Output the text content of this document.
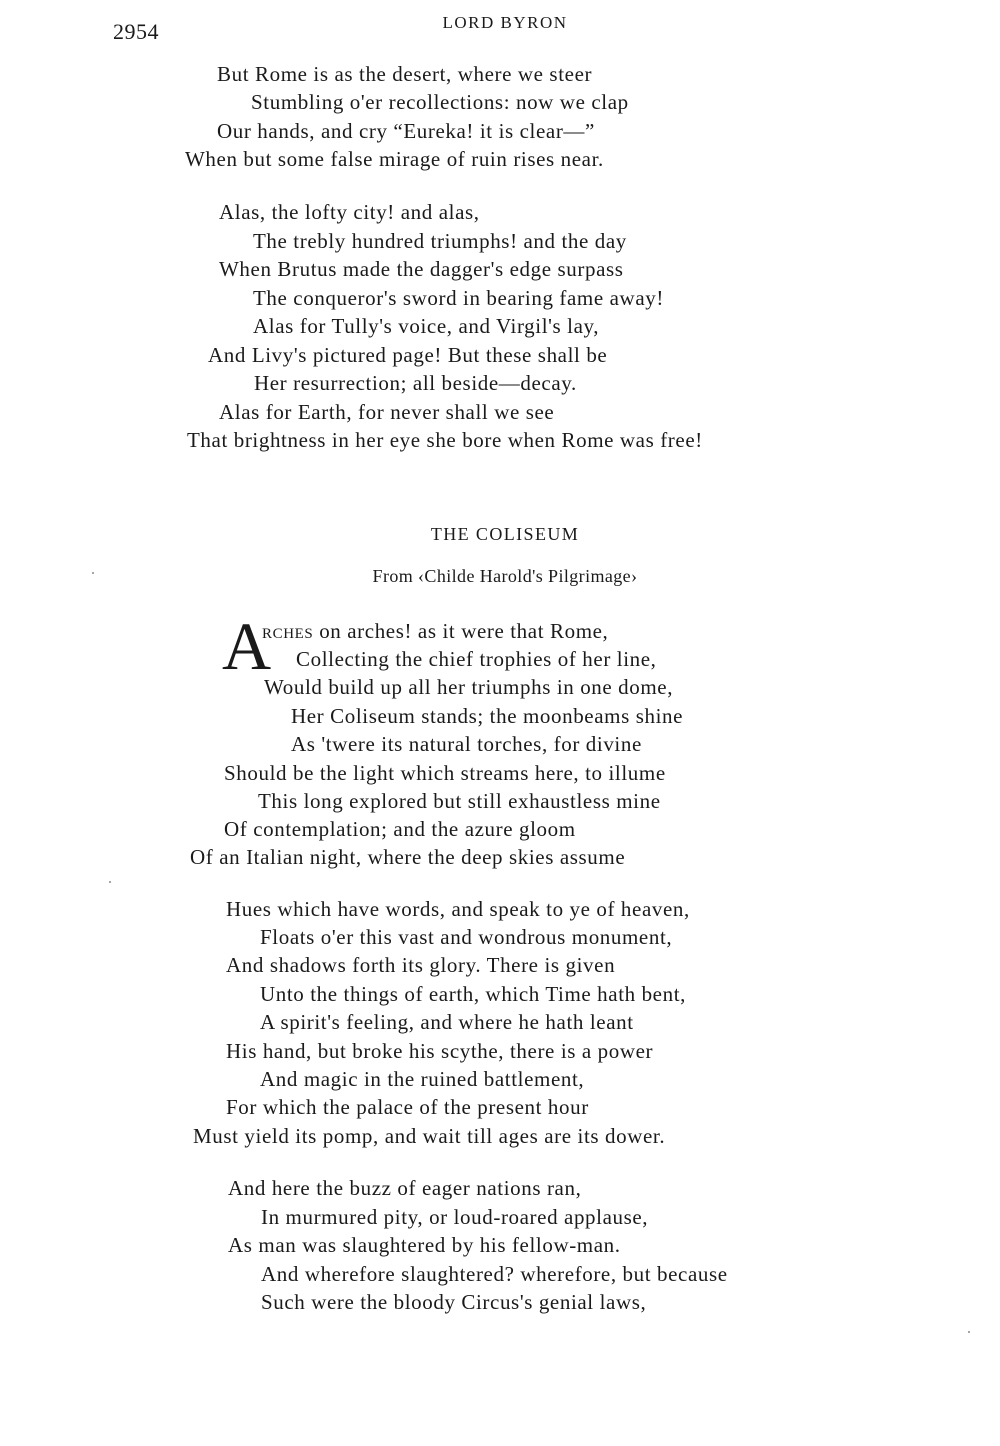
2954	LORD BYRON
But Rome is as the desert, where we steer
Stumbling o'er recollections: now we clap
Our hands, and cry “Eureka! it is clear—”
When but some false mirage of ruin rises near.
Alas, the lofty city! and alas,
The trebly hundred triumphs! and the day
When Brutus made the dagger's edge surpass
The conqueror's sword in bearing fame away!
Alas for Tully's voice, and Virgil's lay,
And Livy's pictured page! But these shall be
Her resurrection; all beside—decay.
Alas for Earth, for never shall we see
That brightness in her eye she bore when Rome was free!
THE COLISEUM
From ‹Childe Harold's Pilgrimage›
A
rches on arches! as it were that Rome,
Collecting the chief trophies of her line,
Would build up all her triumphs in one dome,
Her Coliseum stands; the moonbeams shine
As 'twere its natural torches, for divine
Should be the light which streams here, to illume
This long explored but still exhaustless mine
Of contemplation; and the azure gloom
Of an Italian night, where the deep skies assume
Hues which have words, and speak to ye of heaven,
Floats o'er this vast and wondrous monument,
And shadows forth its glory. There is given
Unto the things of earth, which Time hath bent,
A spirit's feeling, and where he hath leant
His hand, but broke his scythe, there is a power
And magic in the ruined battlement,
For which the palace of the present hour
Must yield its pomp, and wait till ages are its dower.
And here the buzz of eager nations ran,
In murmured pity, or loud-roared applause,
As man was slaughtered by his fellow-man.
And wherefore slaughtered? wherefore, but because
Such were the bloody Circus's genial laws,
